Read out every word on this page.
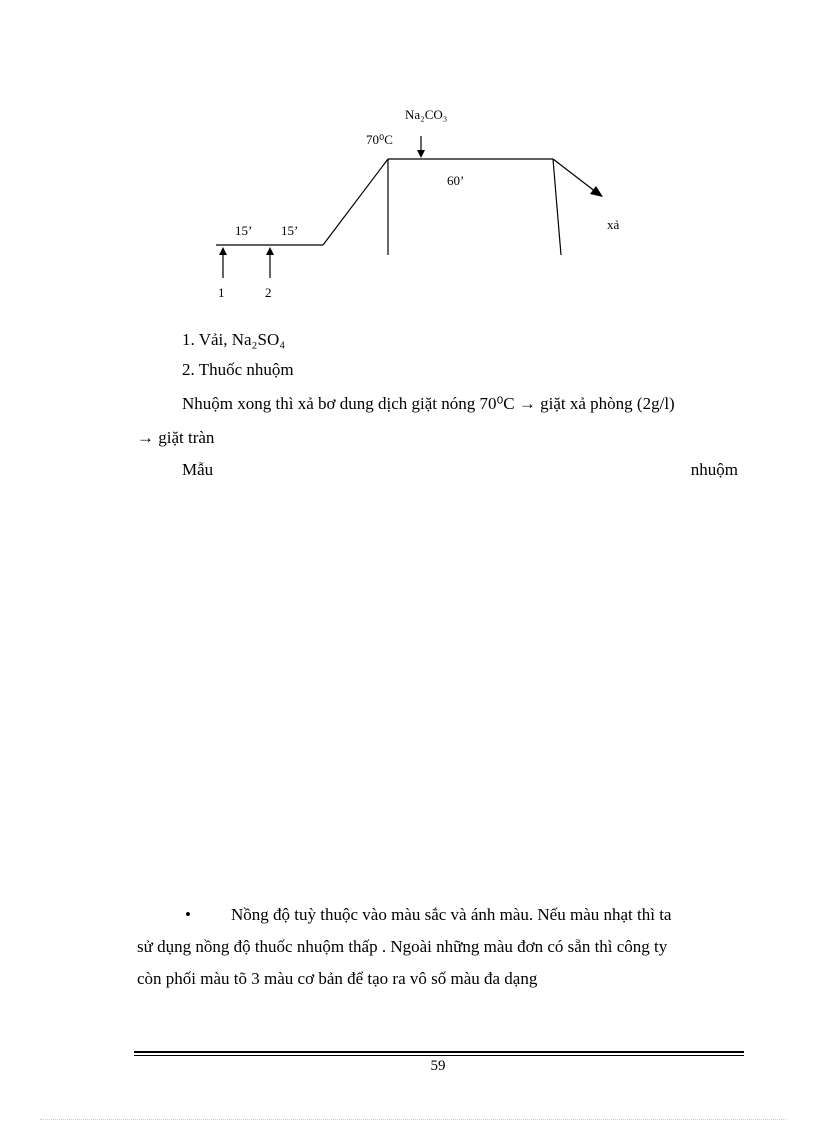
Na₂CO₃
70⁰C
60’
15’ 15’	xả
1	2
1. Vải, Na₂SO₄
2. Thuốc nhuộm
Nhuộm xong thì xả bơ dung dịch giặt nóng 70⁰C → giặt xả phòng (2g/l)
→ giặt tràn
Mẫu	nhuộm
• Nồng độ tuỳ thuộc vào màu sắc và ánh màu. Nếu màu nhạt thì ta
sử dụng nồng độ thuốc nhuộm thấp . Ngoài những màu đơn có sẵn thì công ty
còn phối màu tõ 3 màu cơ bản để tạo ra vô số màu đa dạng
59
